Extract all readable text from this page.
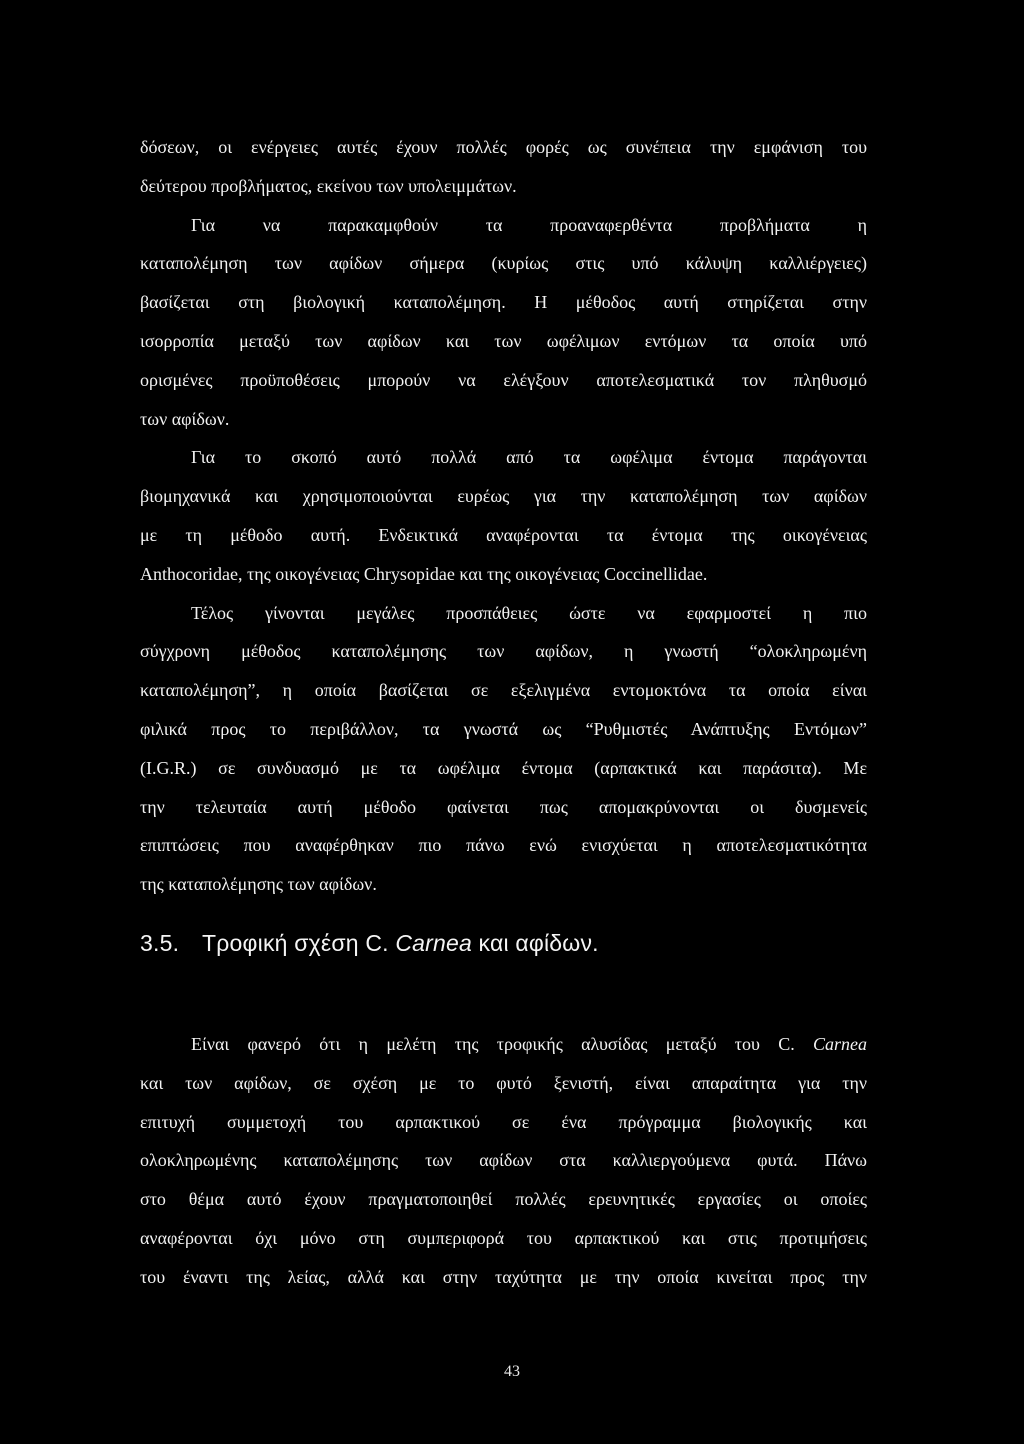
δόσεων, οι ενέργειες αυτές έχουν πολλές φορές ως συνέπεια την εμφάνιση του
δεύτερου προβλήματος, εκείνου των υπολειμμάτων.
Για να παρακαμφθούν τα προαναφερθέντα προβλήματα η
καταπολέμηση των αφίδων σήμερα (κυρίως στις υπό κάλυψη καλλιέργειες)
βασίζεται στη βιολογική καταπολέμηση. Η μέθοδος αυτή στηρίζεται στην
ισορροπία μεταξύ των αφίδων και των ωφέλιμων εντόμων τα οποία υπό
ορισμένες προϋποθέσεις μπορούν να ελέγξουν αποτελεσματικά τον πληθυσμό
των αφίδων.
Για το σκοπό αυτό πολλά από τα ωφέλιμα έντομα παράγονται
βιομηχανικά και χρησιμοποιούνται ευρέως για την καταπολέμηση των αφίδων
με τη μέθοδο αυτή. Ενδεικτικά αναφέρονται τα έντομα της οικογένειας
Anthocoridae, της οικογένειας Chrysopidae και της οικογένειας Coccinellidae.
Τέλος γίνονται μεγάλες προσπάθειες ώστε να εφαρμοστεί η πιο
σύγχρονη μέθοδος καταπολέμησης των αφίδων, η γνωστή “ολοκληρωμένη
καταπολέμηση”, η οποία βασίζεται σε εξελιγμένα εντομοκτόνα τα οποία είναι
φιλικά προς το περιβάλλον, τα γνωστά ως “Ρυθμιστές Ανάπτυξης Εντόμων”
(I.G.R.) σε συνδυασμό με τα ωφέλιμα έντομα (αρπακτικά και παράσιτα). Με
την τελευταία αυτή μέθοδο φαίνεται πως απομακρύνονται οι δυσμενείς
επιπτώσεις που αναφέρθηκαν πιο πάνω ενώ ενισχύεται η αποτελεσματικότητα
της καταπολέμησης των αφίδων.
3.5. Τροφική σχέση C. Carnea και αφίδων.
Είναι φανερό ότι η μελέτη της τροφικής αλυσίδας μεταξύ του C. Carnea
και των αφίδων, σε σχέση με το φυτό ξενιστή, είναι απαραίτητα για την
επιτυχή συμμετοχή του αρπακτικού σε ένα πρόγραμμα βιολογικής και
ολοκληρωμένης καταπολέμησης των αφίδων στα καλλιεργούμενα φυτά. Πάνω
στο θέμα αυτό έχουν πραγματοποιηθεί πολλές ερευνητικές εργασίες οι οποίες
αναφέρονται όχι μόνο στη συμπεριφορά του αρπακτικού και στις προτιμήσεις
του έναντι της λείας, αλλά και στην ταχύτητα με την οποία κινείται προς την
43
